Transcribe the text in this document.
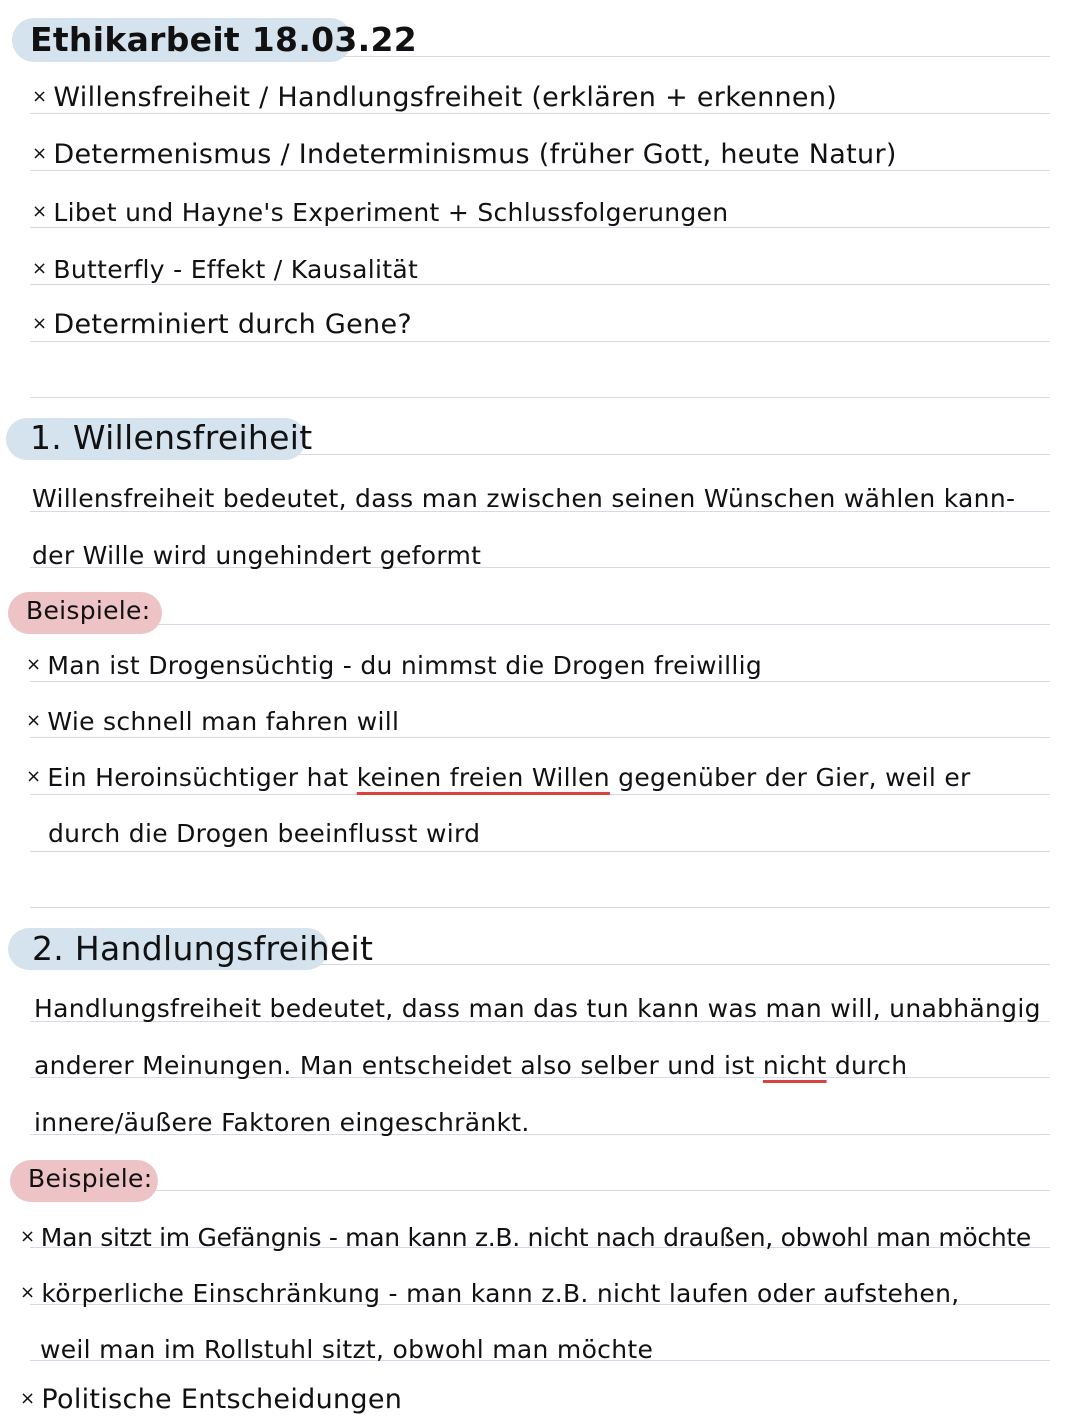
Ethikarbeit 18.03.22
× Willensfreiheit / Handlungsfreiheit (erklären + erkennen)
× Determenismus / Indeterminismus (früher Gott, heute Natur)
× Libet und Hayne's Experiment + Schlussfolgerungen
× Butterfly - Effekt / Kausalität
× Determiniert durch Gene?
1. Willensfreiheit
Willensfreiheit bedeutet, dass man zwischen seinen Wünschen wählen kann-
der Wille wird ungehindert geformt
Beispiele:
× Man ist Drogensüchtig - du nimmst die Drogen freiwillig
× Wie schnell man fahren will
× Ein Heroinsüchtiger hat keinen freien Willen gegenüber der Gier, weil er
durch die Drogen beeinflusst wird
2. Handlungsfreiheit
Handlungsfreiheit bedeutet, dass man das tun kann was man will, unabhängig
anderer Meinungen. Man entscheidet also selber und ist nicht durch
innere/äußere Faktoren eingeschränkt.
Beispiele:
× Man sitzt im Gefängnis - man kann z.B. nicht nach draußen, obwohl man möchte
× körperliche Einschränkung - man kann z.B. nicht laufen oder aufstehen,
weil man im Rollstuhl sitzt, obwohl man möchte
× Politische Entscheidungen
